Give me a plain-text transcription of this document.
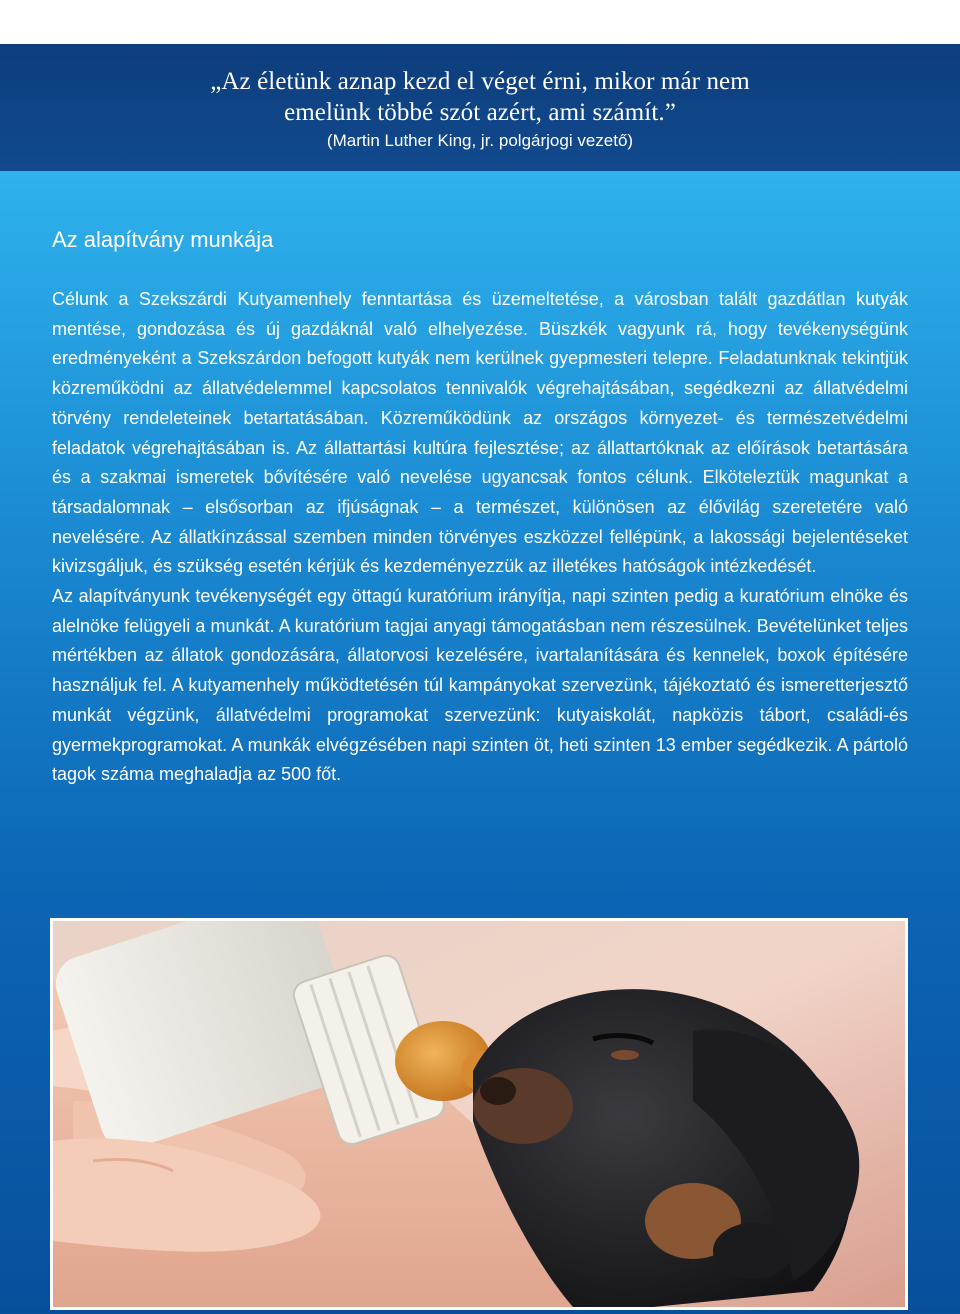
„Az életünk aznap kezd el véget érni, mikor már nem
emelünk többé szót azért, ami számít.”
(Martin Luther King, jr. polgárjogi vezető)
Az alapítvány munkája

Célunk a Szekszárdi Kutyamenhely fenntartása és üzemeltetése, a városban talált gazdátlan kutyák mentése, gondozása és új gazdáknál való elhelyezése. Büszkék vagyunk rá, hogy tevékenységünk eredményeként a Szekszárdon befogott kutyák nem kerülnek gyepmesteri telepre. Feladatunknak tekintjük közreműködni az állatvédelemmel kapcsolatos tennivalók végrehajtásában, segédkezni az állatvédelmi törvény rendeleteinek betartatásában. Közreműködünk az országos környezet- és természetvédelmi feladatok végrehajtásában is. Az állattartási kultúra fejlesztése; az állattartóknak az előírások betartására és a szakmai ismeretek bővítésére való nevelése ugyancsak fontos célunk. Elköteleztük magunkat a társadalomnak – elsősorban az ifjúságnak – a természet, különösen az élővilág szeretetére való nevelésére. Az állatkínzással szemben minden törvényes eszközzel fellépünk, a lakossági bejelentéseket kivizsgáljuk, és szükség esetén kérjük és kezdeményezzük az illetékes hatóságok intézkedését.

Az alapítványunk tevékenységét egy öttagú kuratórium irányítja, napi szinten pedig a kuratórium elnöke és alelnöke felügyeli a munkát. A kuratórium tagjai anyagi támogatásban nem részesülnek. Bevételünket teljes mértékben az állatok gondozására, állatorvosi kezelésére, ivartalanítására és kennelek, boxok építésére használjuk fel. A kutyamenhely működtetésén túl kampányokat szervezünk, tájékoztató és ismeretterjesztő munkát végzünk, állatvédelmi programokat szervezünk: kutyaiskolát, napközis tábort, családi-és gyermekprogramokat. A munkák elvégzésében napi szinten öt, heti szinten 13 ember segédkezik. A pártoló tagok száma meghaladja az 500 főt.
